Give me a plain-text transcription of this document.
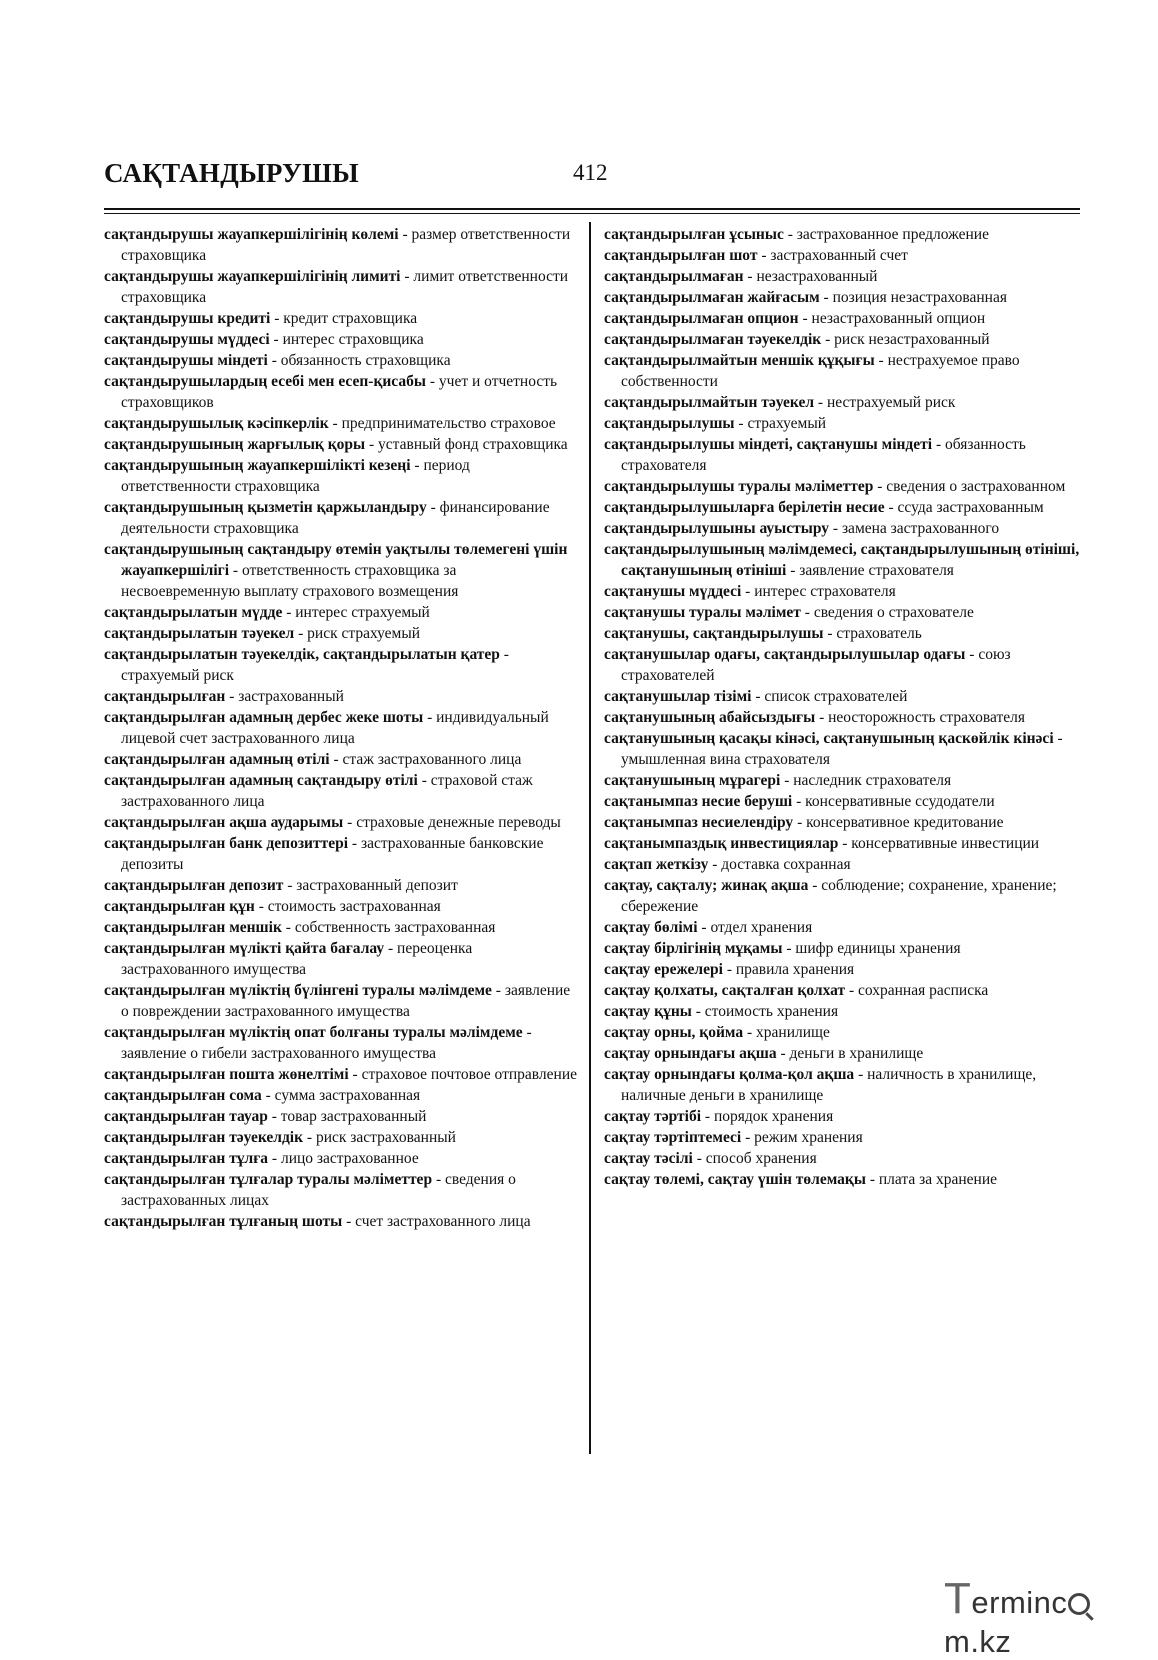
САҚТАНДЫРУШЫ	412

сақтандырушы жауапкершілігінің көлемі - размер ответственности страховщика

сақтандырушы жауапкершілігінің лимиті - лимит ответственности страховщика

сақтандырушы кредиті - кредит страховщика

сақтандырушы мүддесі - интерес страховщика

сақтандырушы міндеті - обязанность страховщика

сақтандырушылардың есебі мен есеп-қисабы - учет и отчетность страховщиков

сақтандырушылық кәсіпкерлік - предпринимательство страховое

сақтандырушының жарғылық қоры - уставный фонд страховщика

сақтандырушының жауапкершілікті кезеңі - период ответственности страховщика

сақтандырушының қызметін қаржыландыру - финансирование деятельности страховщика

сақтандырушының сақтандыру өтемін уақтылы төлемегені үшін жауапкершілігі - ответственность страховщика за несвоевременную выплату страхового возмещения

сақтандырылатын мүдде - интерес страхуемый

сақтандырылатын тәуекел - риск страхуемый

сақтандырылатын тәуекелдік, сақтандырылатын қатер - страхуемый риск

сақтандырылған - застрахованный

сақтандырылған адамның дербес жеке шоты - индивидуальный лицевой счет застрахованного лица

сақтандырылған адамның өтілі - стаж застрахованного лица

сақтандырылған адамның сақтандыру өтілі - страховой стаж застрахованного лица

сақтандырылған ақша аударымы - страховые денежные переводы

сақтандырылған банк депозиттері - застрахованные банковские депозиты

сақтандырылған депозит - застрахованный депозит

сақтандырылған құн - стоимость застрахованная

сақтандырылған меншік - собственность застрахованная

сақтандырылған мүлікті қайта бағалау - переоценка застрахованного имущества

сақтандырылған мүліктің бүлінгені туралы мәлімдеме - заявление о повреждении застрахованного имущества

сақтандырылған мүліктің опат болғаны туралы мәлімдеме - заявление о гибели застрахованного имущества

сақтандырылған пошта жөнелтімі - страховое почтовое отправление

сақтандырылған сома - сумма застрахованная

сақтандырылған тауар - товар застрахованный

сақтандырылған тәуекелдік - риск застрахованный

сақтандырылған тұлға - лицо застрахованное

сақтандырылған тұлғалар туралы мәліметтер - сведения о застрахованных лицах

сақтандырылған тұлғаның шоты - счет застрахованного лица

сақтандырылған ұсыныс - застрахованное предложение

сақтандырылған шот - застрахованный счет

сақтандырылмаған - незастрахованный

сақтандырылмаған жайғасым - позиция незастрахованная

сақтандырылмаған опцион - незастрахованный опцион

сақтандырылмаған тәуекелдік - риск незастрахованный

сақтандырылмайтын меншік құқығы - нестрахуемое право собственности

сақтандырылмайтын тәуекел - нестрахуемый риск

сақтандырылушы - страхуемый

сақтандырылушы міндеті, сақтанушы міндеті - обязанность страхователя

сақтандырылушы туралы мәліметтер - сведения о застрахованном

сақтандырылушыларға берілетін несие - ссуда застрахованным

сақтандырылушыны ауыстыру - замена застрахованного

сақтандырылушының мәлімдемесі, сақтандырылушының өтініші, сақтанушының өтініші - заявление страхователя

сақтанушы мүддесі - интерес страхователя

сақтанушы туралы мәлімет - сведения о страхователе

сақтанушы, сақтандырылушы - страхователь

сақтанушылар одағы, сақтандырылушылар одағы - союз страхователей

сақтанушылар тізімі - список страхователей

сақтанушының абайсыздығы - неосторожность страхователя

сақтанушының қасақы кінәсі, сақтанушының қаскөйлік кінәсі - умышленная вина страхователя

сақтанушының мұрагері - наследник страхователя

сақтанымпаз несие беруші - консервативные ссудодатели

сақтанымпаз несиелендіру - консервативное кредитование

сақтанымпаздық инвестициялар - консервативные инвестиции

сақтап жеткізу - доставка сохранная

сақтау, сақталу; жинақ ақша - соблюдение; сохранение, хранение; сбережение

сақтау бөлімі - отдел хранения

сақтау бірлігінің мұқамы - шифр единицы хранения

сақтау ережелері - правила хранения

сақтау қолхаты, сақталған қолхат - сохранная расписка

сақтау құны - стоимость хранения

сақтау орны, қойма - хранилище

сақтау орнындағы ақша - деньги в хранилище

сақтау орнындағы қолма-қол ақша - наличность в хранилище, наличные деньги в хранилище

сақтау тәртібі - порядок хранения

сақтау тәртіптемесі - режим хранения

сақтау тәсілі - способ хранения

сақтау төлемі, сақтау үшін төлемақы - плата за хранение

Termincm.kz
